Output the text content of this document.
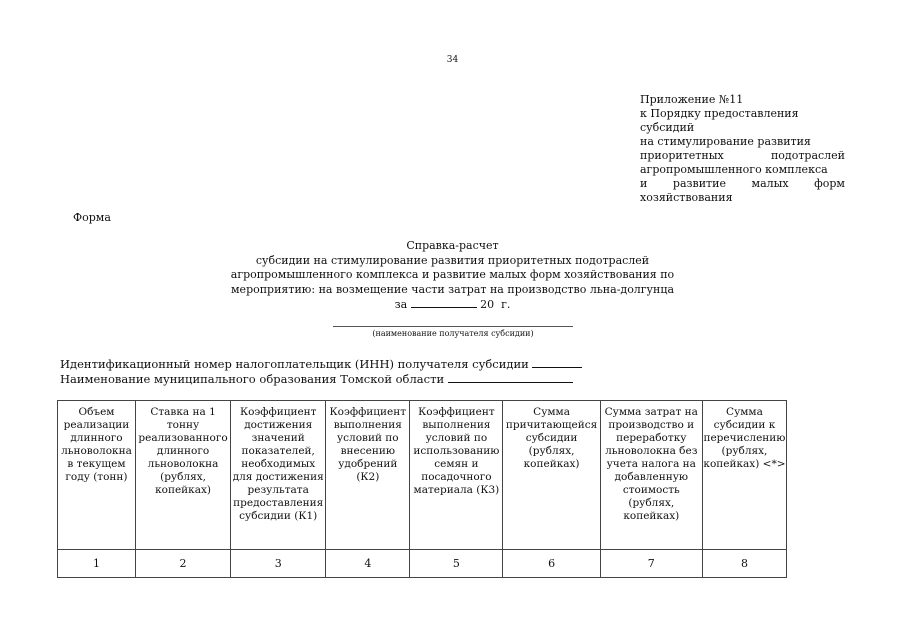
34
Приложение №11
к Порядку предоставления субсидий
на стимулирование развития
приоритетных	подотраслей
агропромышленного комплекса
и развитие малых форм
хозяйствования
Форма
Справка-расчет
субсидии на стимулирование развития приоритетных подотраслей
агропромышленного комплекса и развитие малых форм хозяйствования по
мероприятию: на возмещение части затрат на производство льна-долгунца
за	20 г.
(наименование получателя субсидии)
Идентификационный номер налогоплательщик (ИНН) получателя субсидии
Наименование муниципального образования Томской области
Объем реализации длинного льноволокна в текущем году (тонн)	Ставка на 1 тонну реализованного длинного льноволокна (рублях, копейках)	Коэффициент достижения значений показателей, необходимых для достижения результата предоставления субсидии (К1)	Коэффициент выполнения условий по внесению удобрений (К2)	Коэффициент выполнения условий по использованию семян и посадочного материала (К3)	Сумма причитающейся субсидии (рублях, копейках)	Сумма затрат на производство и переработку льноволокна без учета налога на добавленную стоимость (рублях, копейках)	Сумма субсидии к перечислению (рублях, копейках) <*>
1	2	3	4	5	6	7	8
